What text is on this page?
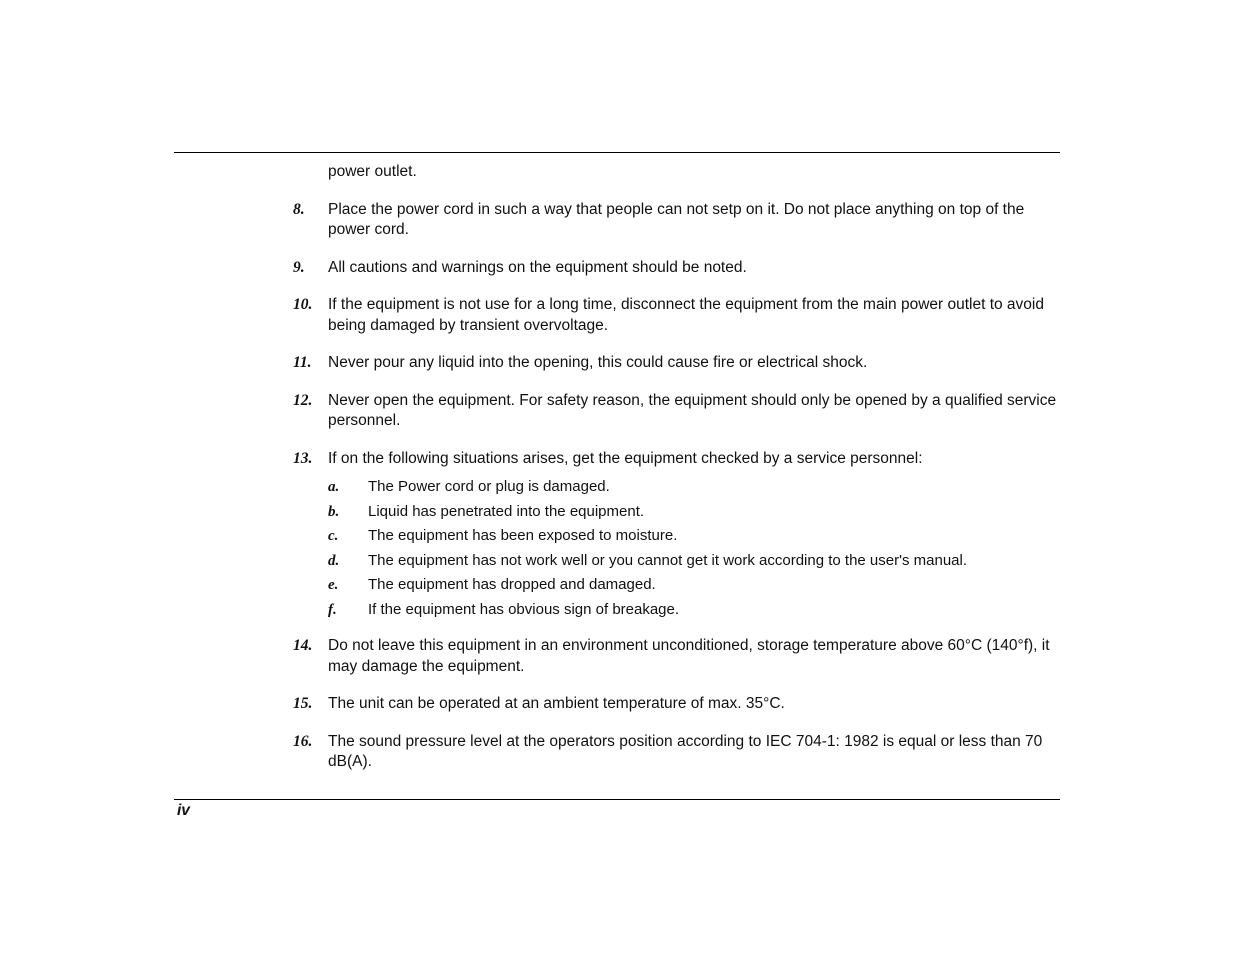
power outlet.
8. Place the power cord in such a way that people can not setp on it. Do not place anything on top of the power cord.
9. All cautions and warnings on the equipment should be noted.
10. If the equipment is not use for a long time, disconnect the equipment from the main power outlet to avoid being damaged by transient overvoltage.
11. Never pour any liquid into the opening, this could cause fire or electrical shock.
12. Never open the equipment. For safety reason, the equipment should only be opened by a qualified service personnel.
13. If on the following situations arises, get the equipment checked by a service personnel:
a. The Power cord or plug is damaged.
b. Liquid has penetrated into the equipment.
c. The equipment has been exposed to moisture.
d. The equipment has not work well or you cannot get it work according to the user's manual.
e. The equipment has dropped and damaged.
f. If the equipment has obvious sign of breakage.
14. Do not leave this equipment in an environment unconditioned, storage temperature above 60°C (140°f), it may damage the equipment.
15. The unit can be operated at an ambient temperature of max. 35°C.
16. The sound pressure level at the operators position according to IEC 704-1: 1982 is equal or less than 70 dB(A).
iv
